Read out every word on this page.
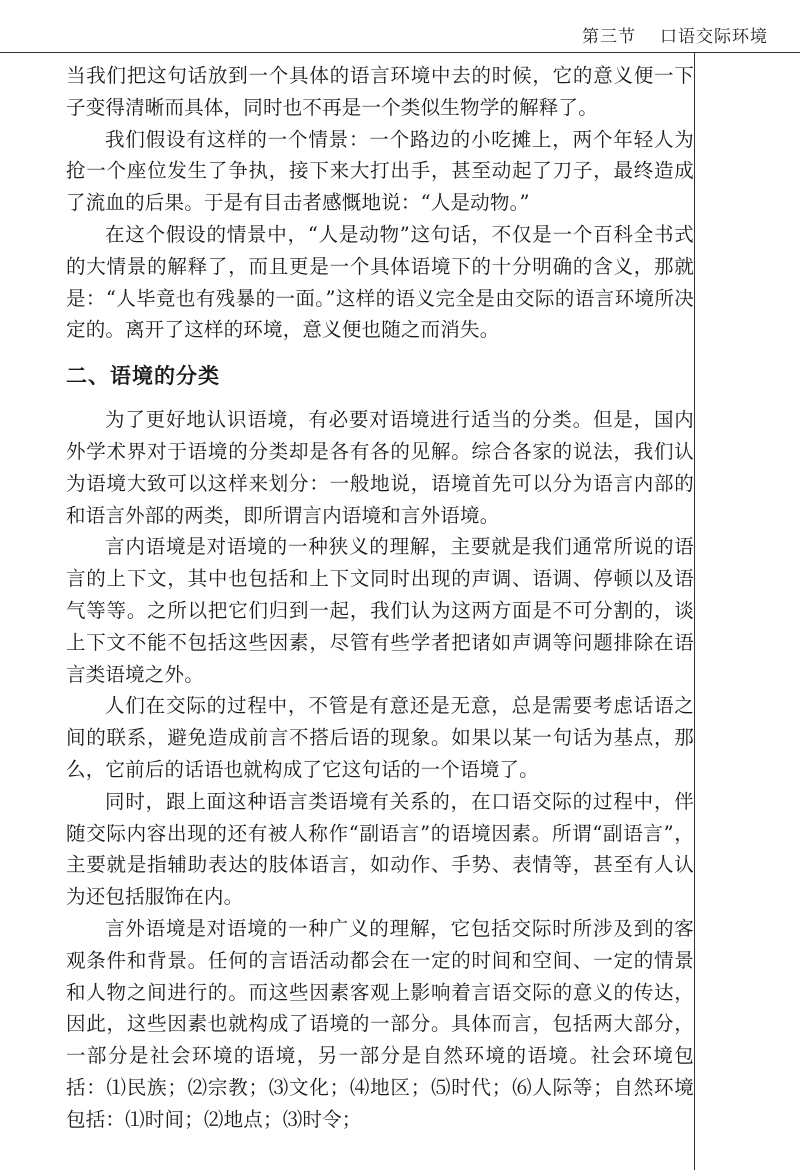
第三节 口语交际环境

当我们把这句话放到一个具体的语言环境中去的时候，它的意义便一下子变得清晰而具体，同时也不再是一个类似生物学的解释了。

我们假设有这样的一个情景：一个路边的小吃摊上，两个年轻人为抢一个座位发生了争执，接下来大打出手，甚至动起了刀子，最终造成了流血的后果。于是有目击者感慨地说：“人是动物。”

在这个假设的情景中，“人是动物”这句话，不仅是一个百科全书式的大情景的解释了，而且更是一个具体语境下的十分明确的含义，那就是：“人毕竟也有残暴的一面。”这样的语义完全是由交际的语言环境所决定的。离开了这样的环境，意义便也随之而消失。

二、语境的分类

为了更好地认识语境，有必要对语境进行适当的分类。但是，国内外学术界对于语境的分类却是各有各的见解。综合各家的说法，我们认为语境大致可以这样来划分：一般地说，语境首先可以分为语言内部的和语言外部的两类，即所谓言内语境和言外语境。

言内语境是对语境的一种狭义的理解，主要就是我们通常所说的语言的上下文，其中也包括和上下文同时出现的声调、语调、停顿以及语气等等。之所以把它们归到一起，我们认为这两方面是不可分割的，谈上下文不能不包括这些因素，尽管有些学者把诸如声调等问题排除在语言类语境之外。

人们在交际的过程中，不管是有意还是无意，总是需要考虑话语之间的联系，避免造成前言不搭后语的现象。如果以某一句话为基点，那么，它前后的话语也就构成了它这句话的一个语境了。

同时，跟上面这种语言类语境有关系的，在口语交际的过程中，伴随交际内容出现的还有被人称作“副语言”的语境因素。所谓“副语言”，主要就是指辅助表达的肢体语言，如动作、手势、表情等，甚至有人认为还包括服饰在内。

言外语境是对语境的一种广义的理解，它包括交际时所涉及到的客观条件和背景。任何的言语活动都会在一定的时间和空间、一定的情景和人物之间进行的。而这些因素客观上影响着言语交际的意义的传达，因此，这些因素也就构成了语境的一部分。具体而言，包括两大部分，一部分是社会环境的语境，另一部分是自然环境的语境。社会环境包括：⑴民族；⑵宗教；⑶文化；⑷地区；⑸时代；⑹人际等；自然环境包括：⑴时间；⑵地点；⑶时令；
